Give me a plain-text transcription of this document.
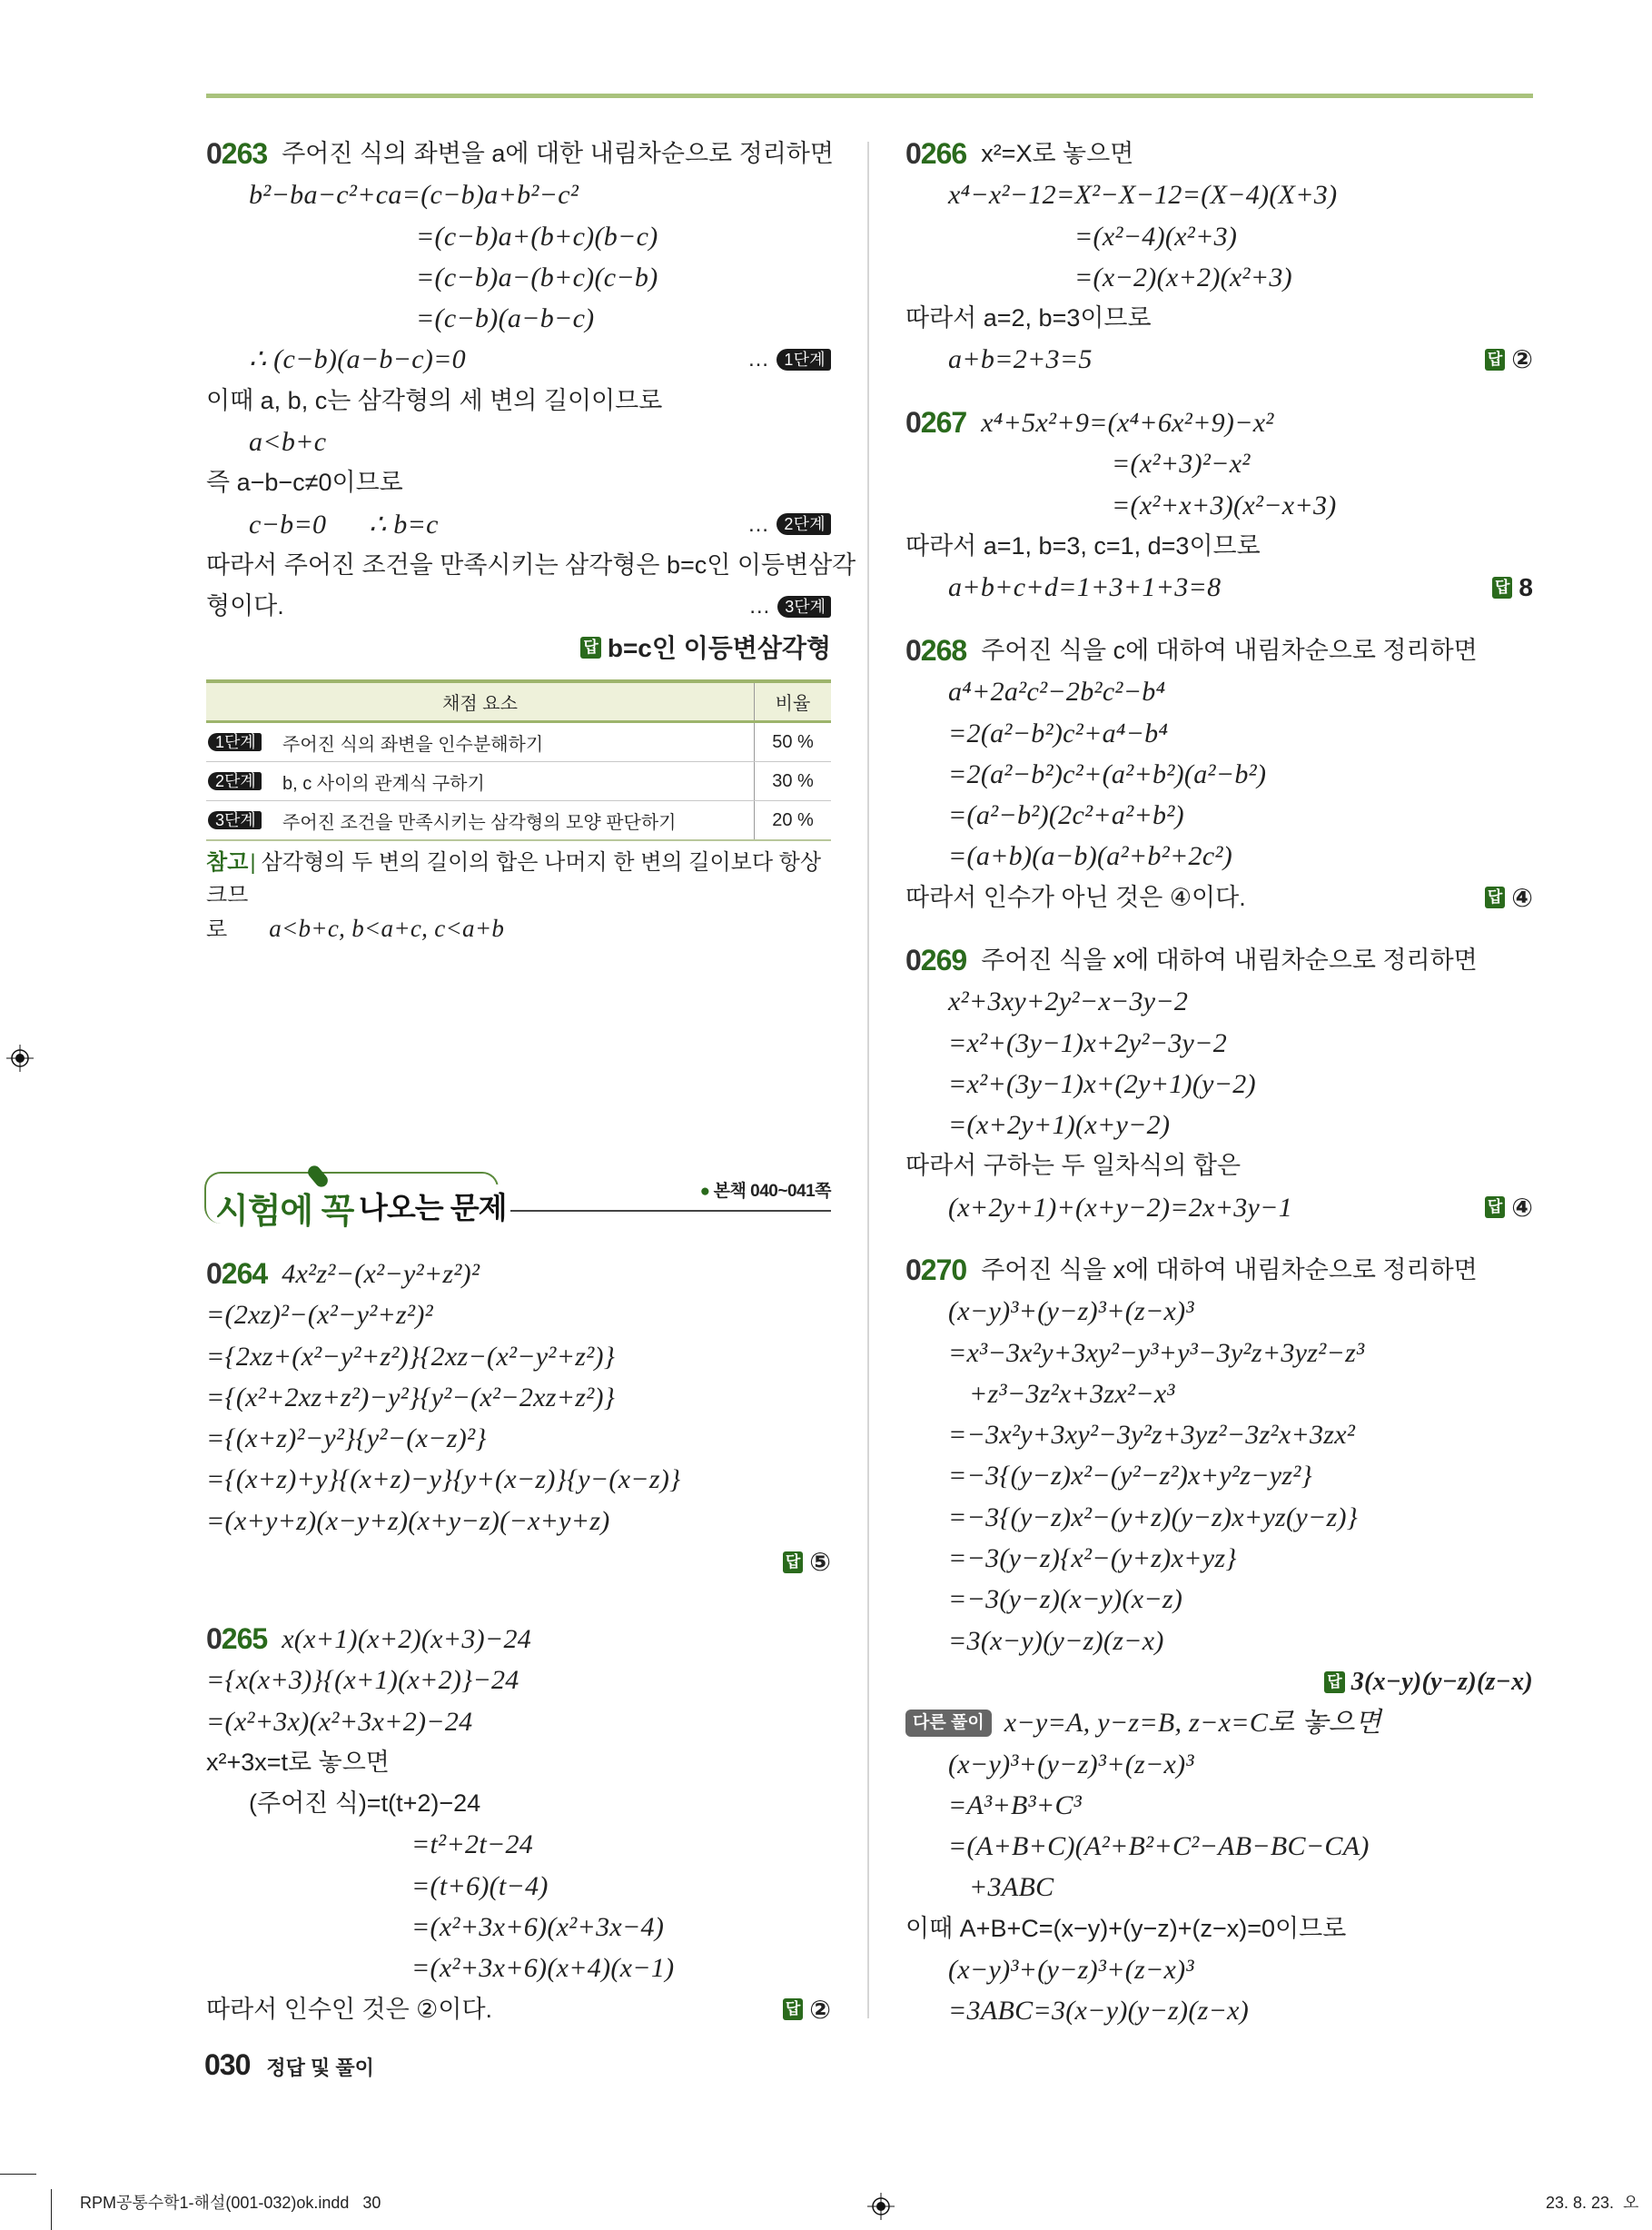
0263 주어진 식의 좌변을 a에 대한 내림차순으로 정리하면
b²−ba−c²+ca=(c−b)a+b²−c²
=(c−b)a+(b+c)(b−c)
=(c−b)a−(b+c)(c−b)
=(c−b)(a−b−c)
∴ (c−b)(a−b−c)=0	… 1단계
이때 a, b, c는 삼각형의 세 변의 길이이므로
a<b+c
즉 a−b−c≠0이므로
c−b=0      ∴ b=c	… 2단계
따라서 주어진 조건을 만족시키는 삼각형은 b=c인 이등변삼각
형이다.	… 3단계
답 b=c인 이등변삼각형
채점 요소		비율
1단계	주어진 식의 좌변을 인수분해하기	50 %
2단계	b, c 사이의 관계식 구하기	30 %
3단계	주어진 조건을 만족시키는 삼각형의 모양 판단하기	20 %
참고| 삼각형의 두 변의 길이의 합은 나머지 한 변의 길이보다 항상 크므
로 a<b+c, b<a+c, c<a+b
시험에 꼭 나오는 문제	● 본책 040~041쪽
0264 4x²z²−(x²−y²+z²)²
=(2xz)²−(x²−y²+z²)²
={2xz+(x²−y²+z²)}{2xz−(x²−y²+z²)}
={(x²+2xz+z²)−y²}{y²−(x²−2xz+z²)}
={(x+z)²−y²}{y²−(x−z)²}
={(x+z)+y}{(x+z)−y}{y+(x−z)}{y−(x−z)}
=(x+y+z)(x−y+z)(x+y−z)(−x+y+z)
답 ⑤
0265 x(x+1)(x+2)(x+3)−24
={x(x+3)}{(x+1)(x+2)}−24
=(x²+3x)(x²+3x+2)−24
x²+3x=t로 놓으면
(주어진 식)=t(t+2)−24
=t²+2t−24
=(t+6)(t−4)
=(x²+3x+6)(x²+3x−4)
=(x²+3x+6)(x+4)(x−1)
따라서 인수인 것은 ②이다.	답 ②
030 정답 및 풀이
0266 x²=X로 놓으면
x⁴−x²−12=X²−X−12=(X−4)(X+3)
=(x²−4)(x²+3)
=(x−2)(x+2)(x²+3)
따라서 a=2, b=3이므로
a+b=2+3=5	답 ②
0267 x⁴+5x²+9=(x⁴+6x²+9)−x²
=(x²+3)²−x²
=(x²+x+3)(x²−x+3)
따라서 a=1, b=3, c=1, d=3이므로
a+b+c+d=1+3+1+3=8	답 8
0268 주어진 식을 c에 대하여 내림차순으로 정리하면
a⁴+2a²c²−2b²c²−b⁴
=2(a²−b²)c²+a⁴−b⁴
=2(a²−b²)c²+(a²+b²)(a²−b²)
=(a²−b²)(2c²+a²+b²)
=(a+b)(a−b)(a²+b²+2c²)
따라서 인수가 아닌 것은 ④이다.	답 ④
0269 주어진 식을 x에 대하여 내림차순으로 정리하면
x²+3xy+2y²−x−3y−2
=x²+(3y−1)x+2y²−3y−2
=x²+(3y−1)x+(2y+1)(y−2)
=(x+2y+1)(x+y−2)
따라서 구하는 두 일차식의 합은
(x+2y+1)+(x+y−2)=2x+3y−1	답 ④
0270 주어진 식을 x에 대하여 내림차순으로 정리하면
(x−y)³+(y−z)³+(z−x)³
=x³−3x²y+3xy²−y³+y³−3y²z+3yz²−z³
+z³−3z²x+3zx²−x³
=−3x²y+3xy²−3y²z+3yz²−3z²x+3zx²
=−3{(y−z)x²−(y²−z²)x+y²z−yz²}
=−3{(y−z)x²−(y+z)(y−z)x+yz(y−z)}
=−3(y−z){x²−(y+z)x+yz}
=−3(y−z)(x−y)(x−z)
=3(x−y)(y−z)(z−x)
답 3(x−y)(y−z)(z−x)
다른 풀이 x−y=A, y−z=B, z−x=C로 놓으면
(x−y)³+(y−z)³+(z−x)³
=A³+B³+C³
=(A+B+C)(A²+B²+C²−AB−BC−CA)
+3ABC
이때 A+B+C=(x−y)+(y−z)+(z−x)=0이므로
(x−y)³+(y−z)³+(z−x)³
=3ABC=3(x−y)(y−z)(z−x)
RPM공통수학1-해설(001-032)ok.indd   30	23. 8. 23.  오
